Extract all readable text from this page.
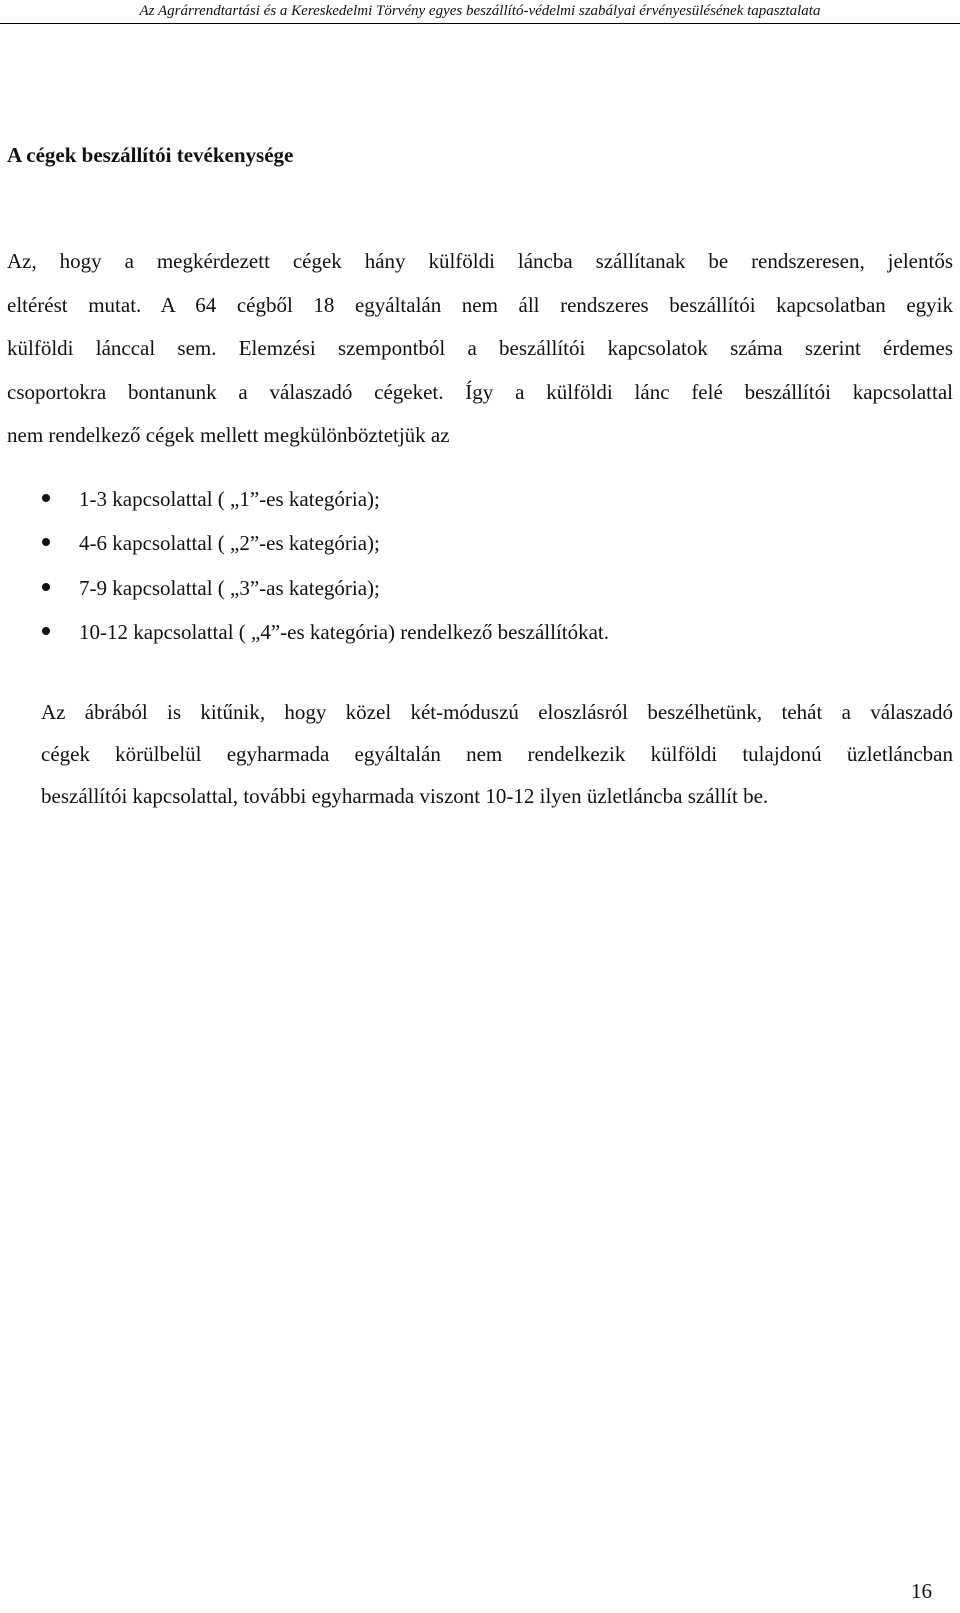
Az Agrárrendtartási és a Kereskedelmi Törvény egyes beszállító-védelmi szabályai érvényesülésének tapasztalata
A cégek beszállítói tevékenysége

Az, hogy a megkérdezett cégek hány külföldi láncba szállítanak be rendszeresen, jelentős
eltérést mutat. A 64 cégből 18 egyáltalán nem áll rendszeres beszállítói kapcsolatban egyik
külföldi lánccal sem. Elemzési szempontból a beszállítói kapcsolatok száma szerint érdemes
csoportokra bontanunk a válaszadó cégeket. Így a külföldi lánc felé beszállítói kapcsolattal
nem rendelkező cégek mellett megkülönböztetjük az

1-3 kapcsolattal ( „1”-es kategória);
4-6 kapcsolattal ( „2”-es kategória);
7-9 kapcsolattal ( „3”-as kategória);
10-12 kapcsolattal ( „4”-es kategória) rendelkező beszállítókat.

Az ábrából is kitűnik, hogy közel két-móduszú eloszlásról beszélhetünk, tehát a válaszadó
cégek körülbelül egyharmada egyáltalán nem rendelkezik külföldi tulajdonú üzletláncban
beszállítói kapcsolattal, további egyharmada viszont 10-12 ilyen üzletláncba szállít be.

16
